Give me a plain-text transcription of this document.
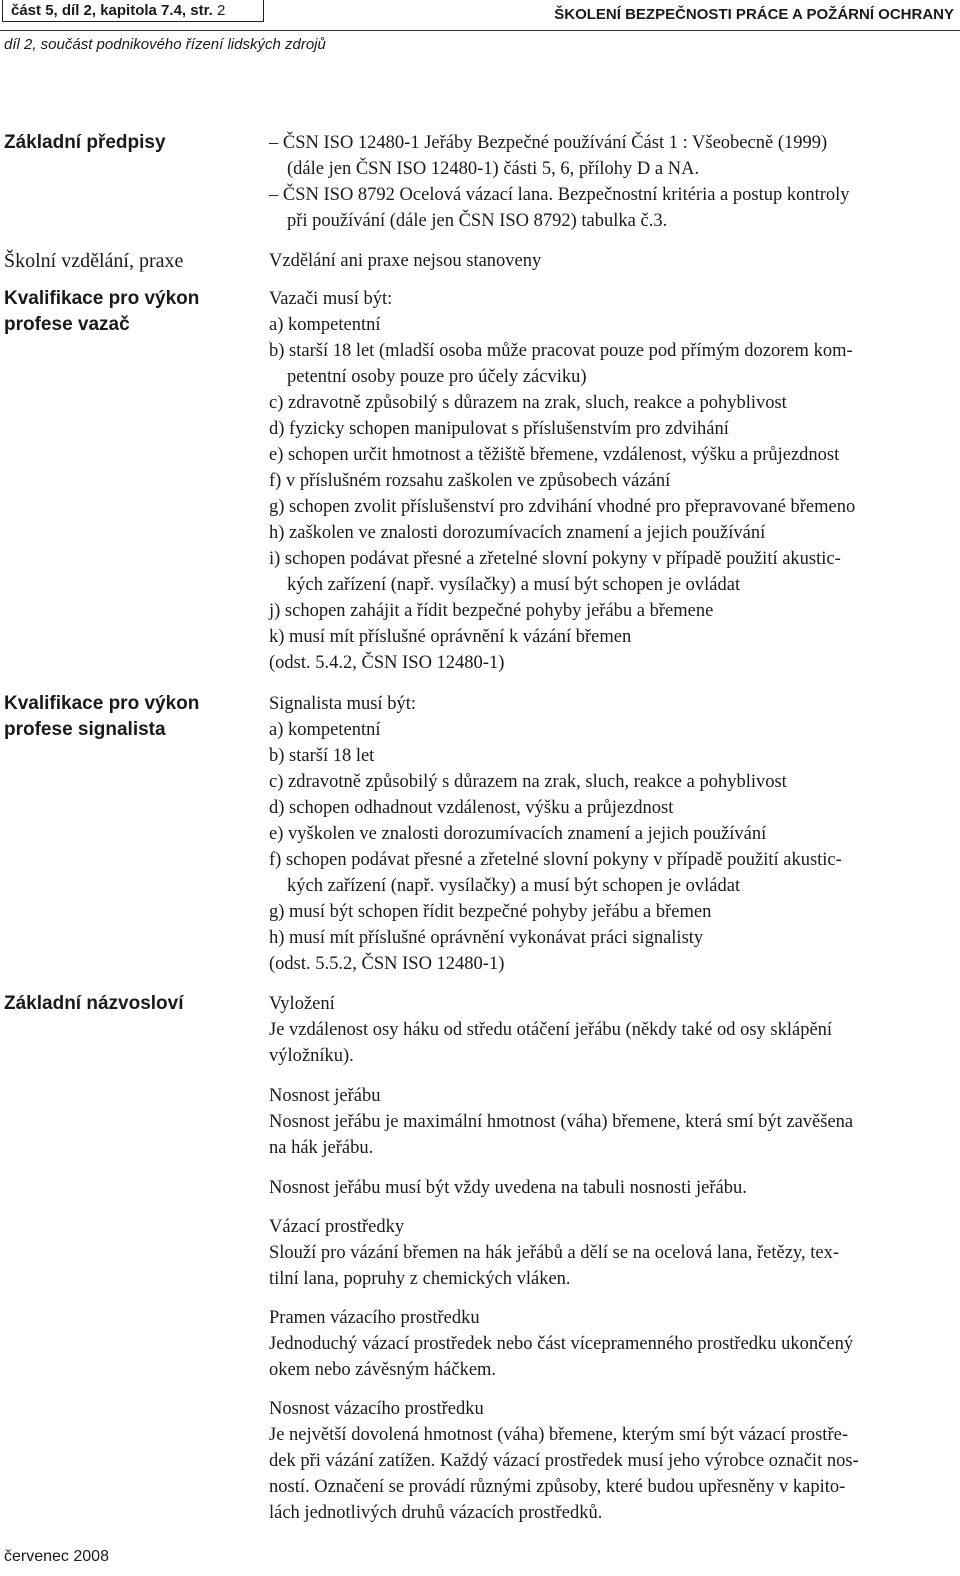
část 5, díl 2, kapitola 7.4, str. 2	ŠKOLENÍ BEZPEČNOSTI PRÁCE A POŽÁRNÍ OCHRANY
díl 2, součást podnikového řízení lidských zdrojů
Základní předpisy
Školní vzdělání, praxe
Kvalifikace pro výkon
profese vazač
Kvalifikace pro výkon
profese signalista
Základní názvosloví
– ČSN ISO 12480-1 Jeřáby Bezpečné používání Část 1 : Všeobecně (1999)
(dále jen ČSN ISO 12480-1) části 5, 6, přílohy D a NA.
– ČSN ISO 8792 Ocelová vázací lana. Bezpečnostní kritéria a postup kontroly
při používání (dále jen ČSN ISO 8792) tabulka č.3.
Vzdělání ani praxe nejsou stanoveny
Vazači musí být:
a) kompetentní
b) starší 18 let (mladší osoba může pracovat pouze pod přímým dozorem kom-
petentní osoby pouze pro účely zácviku)
c) zdravotně způsobilý s důrazem na zrak, sluch, reakce a pohyblivost
d) fyzicky schopen manipulovat s příslušenstvím pro zdvihání
e) schopen určit hmotnost a těžiště břemene, vzdálenost, výšku a průjezdnost
f) v příslušném rozsahu zaškolen ve způsobech vázání
g) schopen zvolit příslušenství pro zdvihání vhodné pro přepravované břemeno
h) zaškolen ve znalosti dorozumívacích znamení a jejich používání
i) schopen podávat přesné a zřetelné slovní pokyny v případě použití akustic-
kých zařízení (např. vysílačky) a musí být schopen je ovládat
j) schopen zahájit a řídit bezpečné pohyby jeřábu a břemene
k) musí mít příslušné oprávnění k vázání břemen
(odst. 5.4.2, ČSN ISO 12480-1)
Signalista musí být:
a) kompetentní
b) starší 18 let
c) zdravotně způsobilý s důrazem na zrak, sluch, reakce a pohyblivost
d) schopen odhadnout vzdálenost, výšku a průjezdnost
e) vyškolen ve znalosti dorozumívacích znamení a jejich používání
f) schopen podávat přesné a zřetelné slovní pokyny v případě použití akustic-
kých zařízení (např. vysílačky) a musí být schopen je ovládat
g) musí být schopen řídit bezpečné pohyby jeřábu a břemen
h) musí mít příslušné oprávnění vykonávat práci signalisty
(odst. 5.5.2, ČSN ISO 12480-1)
Vyložení
Je vzdálenost osy háku od středu otáčení jeřábu (někdy také od osy sklápění
výložníku).
Nosnost jeřábu
Nosnost jeřábu je maximální hmotnost (váha) břemene, která smí být zavěšena
na hák jeřábu.
Nosnost jeřábu musí být vždy uvedena na tabuli nosnosti jeřábu.
Vázací prostředky
Slouží pro vázání břemen na hák jeřábů a dělí se na ocelová lana, řetězy, tex-
tilní lana, popruhy z chemických vláken.
Pramen vázacího prostředku
Jednoduchý vázací prostředek nebo část vícepramenného prostředku ukončený
okem nebo závěsným háčkem.
Nosnost vázacího prostředku
Je největší dovolená hmotnost (váha) břemene, kterým smí být vázací prostře-
dek při vázání zatížen. Každý vázací prostředek musí jeho výrobce označit nos-
ností. Označení se provádí různými způsoby, které budou upřesněny v kapito-
lách jednotlivých druhů vázacích prostředků.
červenec 2008
